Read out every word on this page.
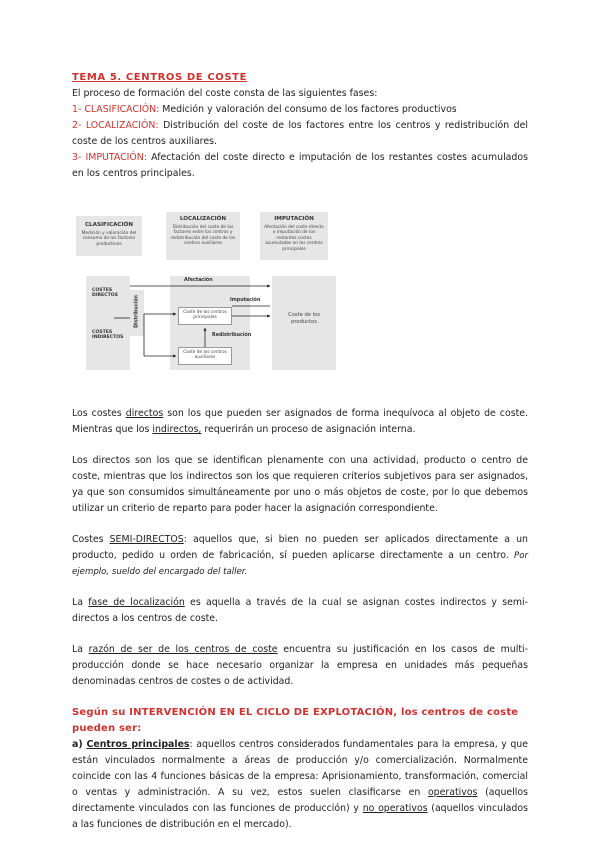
TEMA 5. CENTROS DE COSTE

El proceso de formación del coste consta de las siguientes fases:

1- CLASIFICACIÓN: Medición y valoración del consumo de los factores productivos

2- LOCALIZACIÓN: Distribución del coste de los factores entre los centros y redistribución del coste de los centros auxiliares.

3- IMPUTACIÓN: Afectación del coste directo e imputación de los restantes costes acumulados en los centros principales.

CLASIFICACIÓN
Medición y valoración del consumo de los factores productivos
LOCALIZACIÓN
Distribución del coste de los factores entre los centros y redistribución del coste de los centros auxiliares
IMPUTACIÓN
Afectación del coste directo e imputación de los restantes costes acumulados en los centros principales
COSTES DIRECTOS
COSTES INDIRECTOS
Distribución	Coste de los productos
Coste de los centros principales
Coste de los centros auxiliares
Afectación
Imputación
Redistribución

Los costes directos son los que pueden ser asignados de forma inequívoca al objeto de coste. Mientras que los indirectos, requerirán un proceso de asignación interna.

Los directos son los que se identifican plenamente con una actividad, producto o centro de coste, mientras que los indirectos son los que requieren criterios subjetivos para ser asignados, ya que son consumidos simultáneamente por uno o más objetos de coste, por lo que debemos utilizar un criterio de reparto para poder hacer la asignación correspondiente.

Costes SEMI-DIRECTOS: aquellos que, si bien no pueden ser aplicados directamente a un producto, pedido u orden de fabricación, sí pueden aplicarse directamente a un centro. Por ejemplo, sueldo del encargado del taller.

La fase de localización es aquella a través de la cual se asignan costes indirectos y semi-directos a los centros de coste.

La razón de ser de los centros de coste encuentra su justificación en los casos de multi-producción donde se hace necesario organizar la empresa en unidades más pequeñas denominadas centros de costes o de actividad.

Según su INTERVENCIÓN EN EL CICLO DE EXPLOTACIÓN, los centros de coste pueden ser:

a) Centros principales: aquellos centros considerados fundamentales para la empresa, y que están vinculados normalmente a áreas de producción y/o comercialización. Normalmente coincide con las 4 funciones básicas de la empresa: Aprisionamiento, transformación, comercial o ventas y administración. A su vez, estos suelen clasificarse en operativos (aquellos directamente vinculados con las funciones de producción) y no operativos (aquellos vinculados a las funciones de distribución en el mercado).
